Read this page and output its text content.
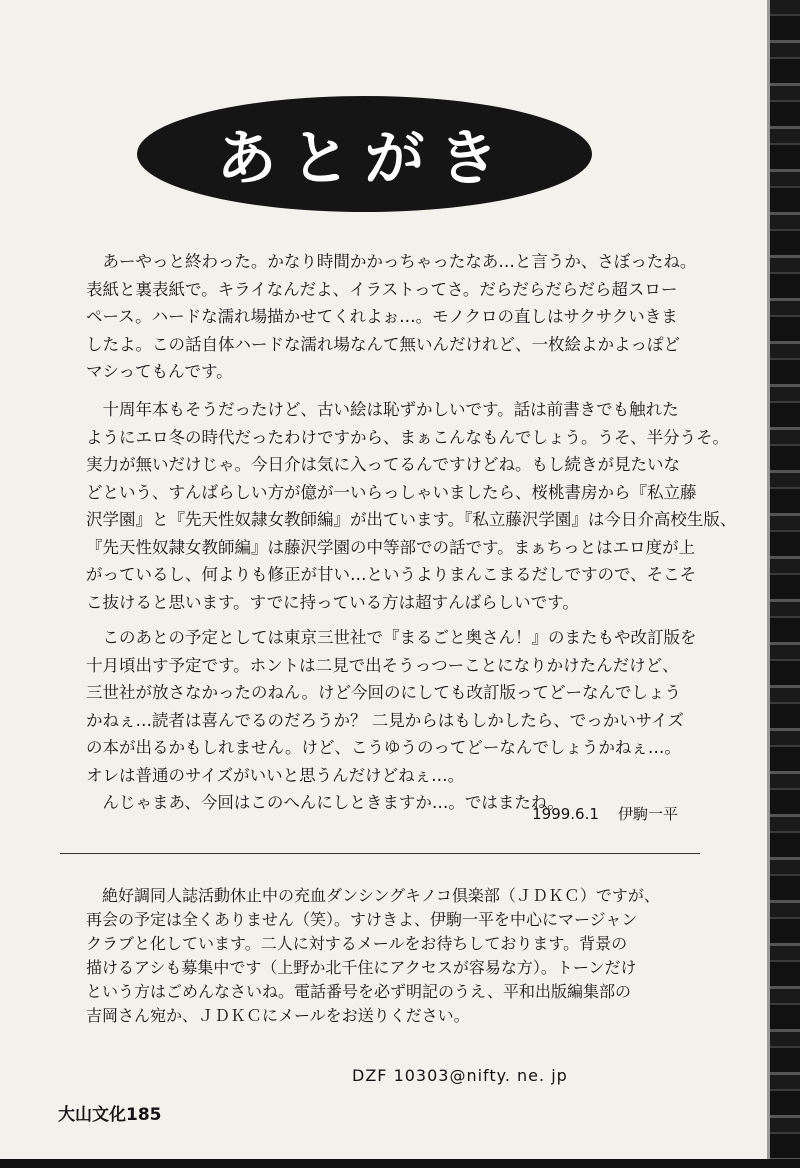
あとがき

　あーやっと終わった。かなり時間かかっちゃったなあ…と言うか、さぼったね。
表紙と裏表紙で。キライなんだよ、イラストってさ。だらだらだらだら超スロー
ペース。ハードな濡れ場描かせてくれよぉ…。モノクロの直しはサクサクいきま
したよ。この話自体ハードな濡れ場なんて無いんだけれど、一枚絵よかよっぽど
マシってもんです。

　十周年本もそうだったけど、古い絵は恥ずかしいです。話は前書きでも触れた
ようにエロ冬の時代だったわけですから、まぁこんなもんでしょう。うそ、半分うそ。
実力が無いだけじゃ。今日介は気に入ってるんですけどね。もし続きが見たいな
どという、すんばらしい方が億が一いらっしゃいましたら、桜桃書房から『私立藤
沢学園』と『先天性奴隷女教師編』が出ています。『私立藤沢学園』は今日介高校生版、
『先天性奴隷女教師編』は藤沢学園の中等部での話です。まぁちっとはエロ度が上
がっているし、何よりも修正が甘い…というよりまんこまるだしですので、そこそ
こ抜けると思います。すでに持っている方は超すんばらしいです。

　このあとの予定としては東京三世社で『まるごと奥さん！』のまたもや改訂版を
十月頃出す予定です。ホントは二見で出そうっつーことになりかけたんだけど、
三世社が放さなかったのねん。けど今回のにしても改訂版ってどーなんでしょう
かねぇ…読者は喜んでるのだろうか？ 二見からはもしかしたら、でっかいサイズ
の本が出るかもしれません。けど、こうゆうのってどーなんでしょうかねぇ…。
オレは普通のサイズがいいと思うんだけどねぇ…。
　んじゃまあ、今回はこのへんにしときますか…。ではまたね。

1999.6.1 伊駒一平

　絶好調同人誌活動休止中の充血ダンシングキノコ倶楽部（ＪＤＫＣ）ですが、
再会の予定は全くありません（笑）。すけきよ、伊駒一平を中心にマージャン
クラブと化しています。二人に対するメールをお待ちしております。背景の
描けるアシも募集中です（上野か北千住にアクセスが容易な方）。トーンだけ
という方はごめんなさいね。電話番号を必ず明記のうえ、平和出版編集部の
吉岡さん宛か、ＪＤＫＣにメールをお送りください。

DZF 10303@nifty. ne. jp
大山文化185
